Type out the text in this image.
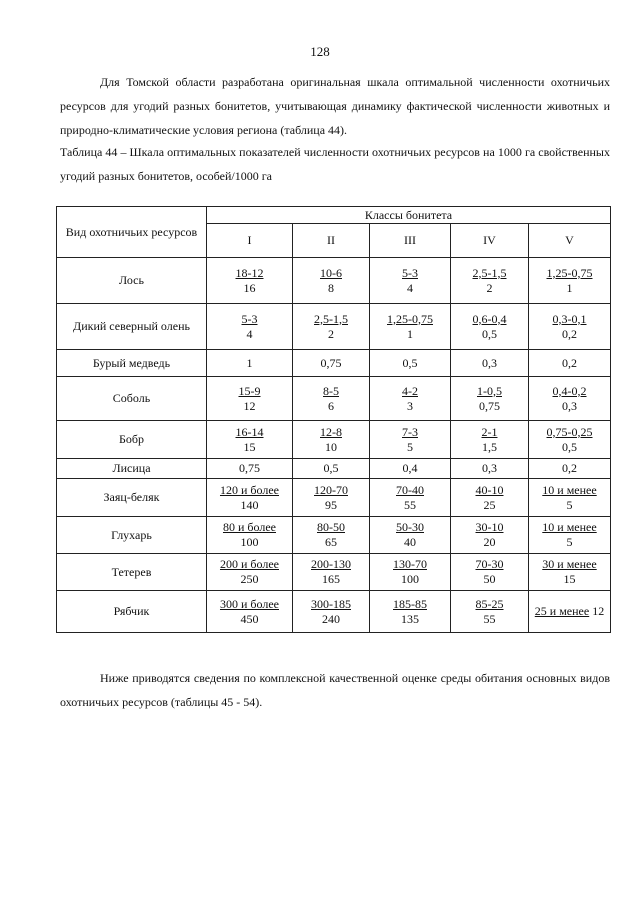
128

Для Томской области разработана оригинальная шкала оптимальной численности охотничьих ресурсов для угодий разных бонитетов, учитывающая динамику фактической численности животных и природно-климатические условия региона (таблица 44).

Таблица 44 – Шкала оптимальных показателей численности охотничьих ресурсов на 1000 га свойственных угодий разных бонитетов, особей/1000 га

Вид охотничьих ресурсов	Классы бонитета				
	I	II	III	IV	V
Лось	$\frac{18-12}{16}$	$\frac{10-6}{8}$	$\frac{5-3}{4}$	$\frac{2,5-1,5}{2}$	$\frac{1,25-0,75}{1}$

Дикий северный олень	$\frac{5-3}{4}$	$\frac{2,5-1,5}{2}$	$\frac{1,25-0,75}{1}$	$\frac{0,6-0,4}{0,5}$	$\frac{0,3-0,1}{0,2}$

Бурый медведь	1	0,75	0,5	0,3	0,2
Соболь	$\frac{15-9}{12}$	$\frac{8-5}{6}$	$\frac{4-2}{3}$	$\frac{1-0,5}{0,75}$	$\frac{0,4-0,2}{0,3}$

Бобр	$\frac{16-14}{15}$	$\frac{12-8}{10}$	$\frac{7-3}{5}$	$\frac{2-1}{1,5}$	$\frac{0,75-0,25}{0,5}$

Лисица	0,75	0,5	0,4	0,3	0,2
Заяц-беляк	$\frac{\text{120 и более}}{140}$	$\frac{120-70}{95}$	$\frac{70-40}{55}$	$\frac{40-10}{25}$	$\frac{\text{10 и менее}}{5}$

Глухарь	$\frac{\text{80 и более}}{100}$	$\frac{80-50}{65}$	$\frac{50-30}{40}$	$\frac{30-10}{20}$	$\frac{\text{10 и менее}}{5}$

Тетерев	$\frac{\text{200 и более}}{250}$	$\frac{200-130}{165}$	$\frac{130-70}{100}$	$\frac{70-30}{50}$	$\frac{\text{30 и менее}}{15}$

Рябчик	$\frac{\text{300 и более}}{450}$	$\frac{300-185}{240}$	$\frac{185-85}{135}$	$\frac{85-25}{55}$	25 и менее 12

Ниже приводятся сведения по комплексной качественной оценке среды обитания основных видов охотничьих ресурсов (таблицы 45 - 54).
